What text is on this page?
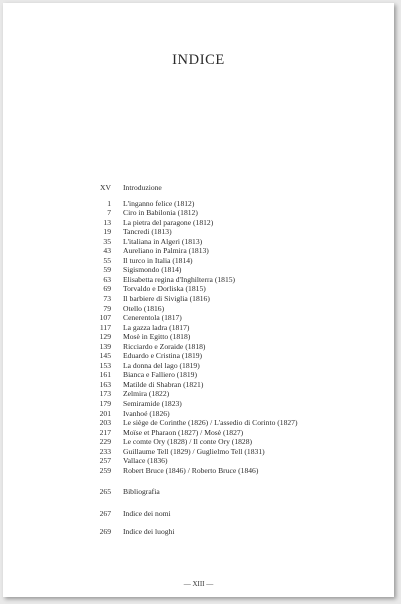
INDICE
XV	Introduzione
1	L'inganno felice (1812)
7	Ciro in Babilonia (1812)
13	La pietra del paragone (1812)
19	Tancredi (1813)
35	L'italiana in Algeri (1813)
43	Aureliano in Palmira (1813)
55	Il turco in Italia (1814)
59	Sigismondo (1814)
63	Elisabetta regina d'Inghilterra (1815)
69	Torvaldo e Dorliska (1815)
73	Il barbiere di Siviglia (1816)
79	Otello (1816)
107	Cenerentola (1817)
117	La gazza ladra (1817)
129	Mosè in Egitto (1818)
139	Ricciardo e Zoraide (1818)
145	Eduardo e Cristina (1819)
153	La donna del lago (1819)
161	Bianca e Falliero (1819)
163	Matilde di Shabran (1821)
173	Zelmira (1822)
179	Semiramide (1823)
201	Ivanhoé (1826)
203	Le siège de Corinthe (1826) / L'assedio di Corinto (1827)
217	Moïse et Pharaon (1827) / Mosè (1827)
229	Le comte Ory (1828) / Il conte Ory (1828)
233	Guillaume Tell (1829) / Guglielmo Tell (1831)
257	Vallace (1836)
259	Robert Bruce (1846) / Roberto Bruce (1846)
265	Bibliografia
267	Indice dei nomi
269	Indice dei luoghi
— XIII —
